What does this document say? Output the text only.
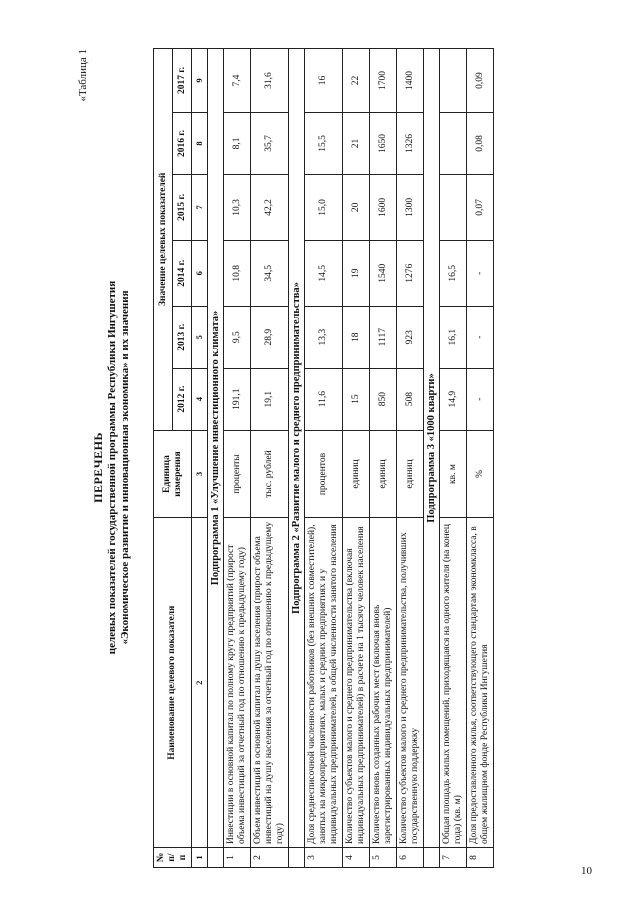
«Таблица 1
ПЕРЕЧЕНЬ целевых показателей государственной программы Республики Ингушетия «Экономическое развитие и инновационная экономика» и их значения
№ п/п	Наименование целевого показателя	Единица измерения	Значение целевых показателей					
			2012 г.	2013 г.	2014 г.	2015 г.	2016 г.	2017 г.
1	2	3	4	5	6	7	8	9
	Подпрограмма 1 «Улучшение инвестиционного климата»							
1	Инвестиции в основной капитал по полному кругу предприятий (прирост объема инвестиций за отчетный год по отношению к предыдущему году)	проценты	191,1	9,5	10,8	10,3	8,1	7,4
2	Объем инвестиций в основной капитал на душу населения (прирост объема инвестиций на душу населения за отчетный год по отношению к предыдущему году)	тыс. рублей	19,1	28,9	34,5	42,2	35,7	31,6
	Подпрограмма 2 «Развитие малого и среднего предпринимательства»							
3	Доля среднесписочной численности работников (без внешних совместителей), занятых на микропредприятиях, малых и средних предприятиях и у индивидуальных предпринимателей, в общей численности занятого населения	процентов	11,6	13,3	14,5	15,0	15,5	16
4	Количество субъектов малого и среднего предпринимательства (включая индивидуальных предпринимателей) в расчете на 1 тысячу человек населения	единиц	15	18	19	20	21	22
5	Количество вновь созданных рабочих мест (включая вновь зарегистрированных индивидуальных предпринимателей)	единиц	850	1117	1540	1600	1650	1700
6	Количество субъектов малого и среднего предпринимательства, получивших государственную поддержку	единиц	508	923	1276	1300	1326	1400
	Подпрограмма 3 «1000 кварти»							
7	Общая площадь жилых помещений, приходящаяся на одного жителя (на конец года) (кв. м)	кв. м	14,9	16,1	16,5			
8	Доля предоставленного жилья, соответствующего стандартам экономкласса, в общем жилищном фонде Республики Ингушетия	%	-	-	-	0,07	0,08	0,09
10
